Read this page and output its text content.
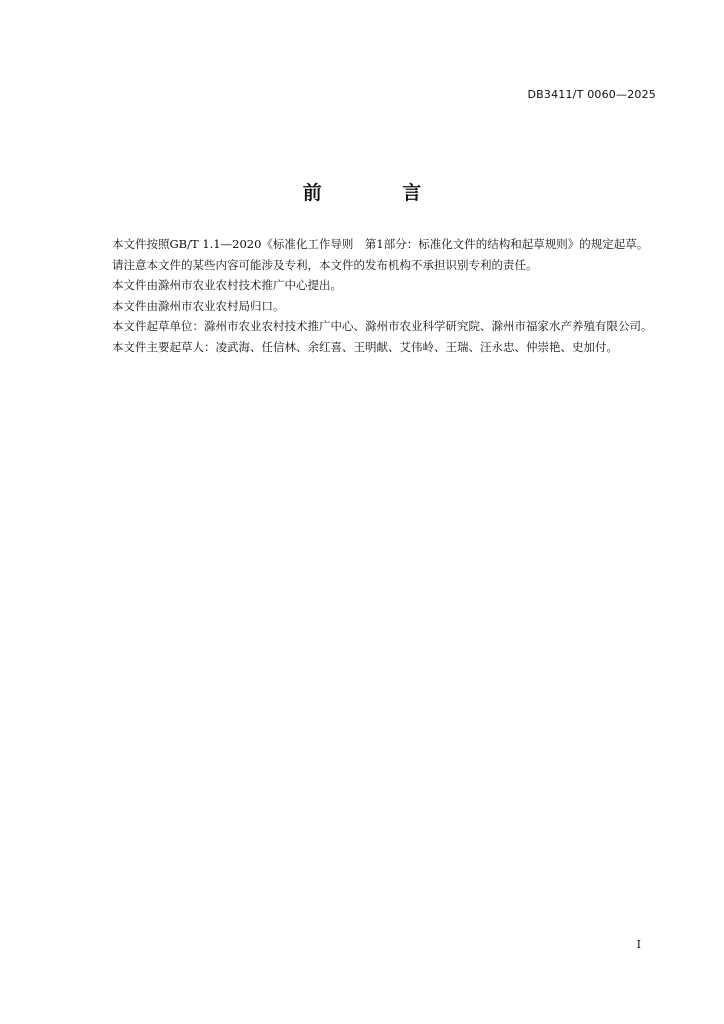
DB3411/T 0060—2025
前 言

本文件按照GB/T 1.1—2020《标准化工作导则　第1部分：标准化文件的结构和起草规则》的规定起草。

请注意本文件的某些内容可能涉及专利，本文件的发布机构不承担识别专利的责任。

本文件由滁州市农业农村技术推广中心提出。

本文件由滁州市农业农村局归口。

本文件起草单位：滁州市农业农村技术推广中心、滁州市农业科学研究院、滁州市福家水产养殖有限公司。

本文件主要起草人：凌武海、任信林、余红喜、王明献、艾伟岭、王瑞、汪永忠、仲崇艳、史加付。

I
